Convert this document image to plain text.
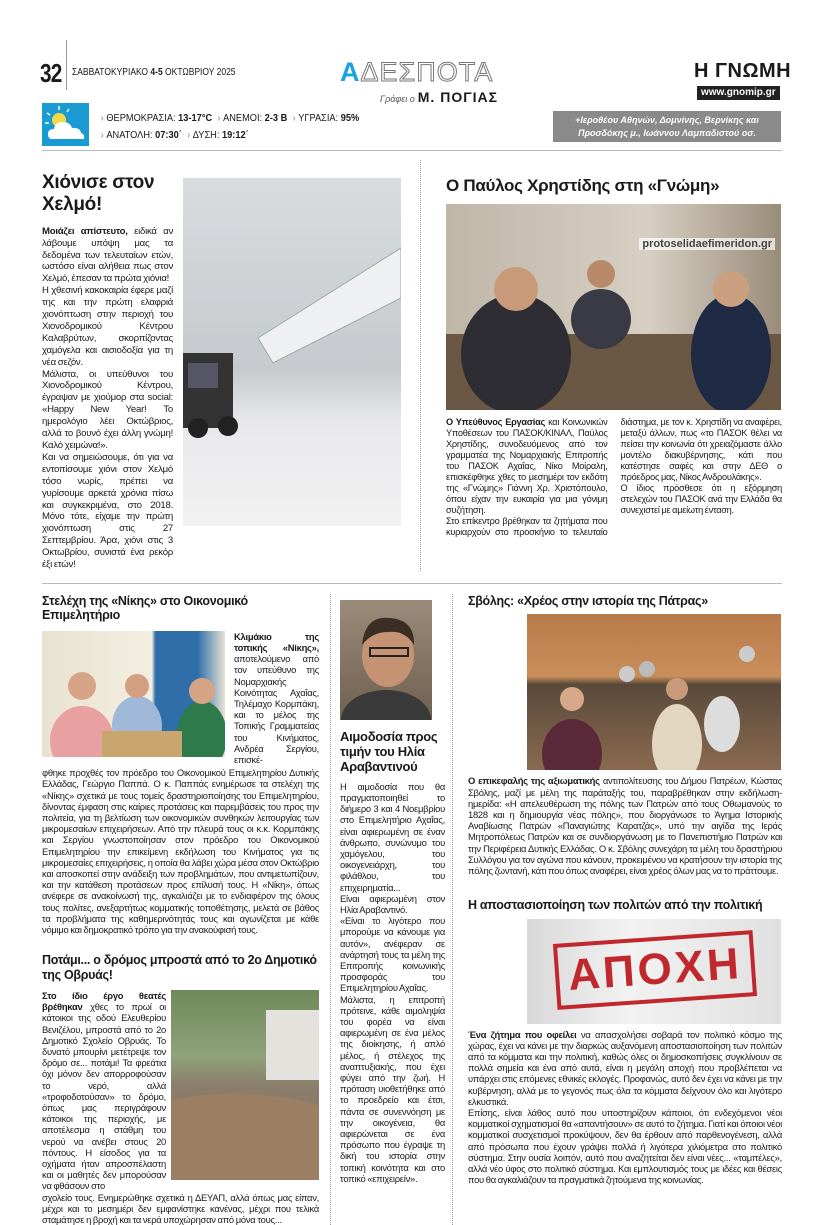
32 ΣΑΒΒΑΤΟΚΥΡΙΑΚΟ 4-5 ΟΚΤΩΒΡΙΟΥ 2025	ΑΔΕΣΠΟΤΑ
Γράφει ο Μ. ΠΟΓΙΑΣ
Η ΓΝΩΜΗ
www.gnomip.gr
› ΘΕΡΜΟΚΡΑΣΙΑ: 13-17°C › ΑΝΕΜΟΙ: 2-3 B › ΥΓΡΑΣΙΑ: 95%
› ΑΝΑΤΟΛΗ: 07:30΄ › ΔΥΣΗ: 19:12΄
+Ιεροθέου Αθηνών, Δομνίνης, Βερνίκης και Προσδόκης μ., Ιωάννου Λαμπαδιστού οσ.
Χιόνισε στον Χελμό!

Μοιάζει απίστευτο, ειδικά αν λάβουμε υπόψη μας τα δεδομένα των τελευταίων ετών, ωστόσο είναι αλήθεια πως στον Χελμό, έπεσαν τα πρώτα χιόνια!

Η χθεσινή κακοκαιρία έφερε μαζί της και την πρώτη ελαφριά χιονόπτωση στην περιοχή του Χιονοδρομικού Κέντρου Καλαβρύτων, σκορπίζοντας χαμόγελα και αισιοδοξία για τη νέα σεζόν.

Μάλιστα, οι υπεύθυνοι του Χιονοδρομικού Κέντρου, έγραψαν με χιούμορ στα social: «Happy New Year! Το ημερολόγιο λέει Οκτώβριος, αλλά το βουνό έχει άλλη γνώμη! Καλό χειμώνα!».

Και να σημειώσουμε, ότι για να εντοπίσουμε χιόνι στον Χελμό τόσο νωρίς, πρέπει να γυρίσουμε αρκετά χρόνια πίσω και συγκεκριμένα, στο 2018. Μόνο τότε, είχαμε την πρώτη χιονόπτωση στις 27 Σεπτεμβρίου. Άρα, χιόνι στις 3 Οκτωβρίου, συνιστά ένα ρεκόρ έξι ετών!

Ο Παύλος Χρηστίδης στη «Γνώμη»
protoselidaefimeridon.gr

Ο Υπεύθυνος Εργασίας και Κοινωνικών Υποθέσεων του ΠΑΣΟΚ/ΚΙΝΑΛ, Παύλος Χρηστίδης, συνοδευόμενος από τον γραμματέα της Νομαρχιακής Επιτροπής του ΠΑΣΟΚ Αχαΐας, Νίκο Μοίραλη, επισκέφθηκε χθες το μεσημέρι τον εκδότη της «Γνώμης» Γιάννη Χρ. Χριστόπουλο, όπου είχαν την ευκαιρία για μια γόνιμη συζήτηση.

Στο επίκεντρο βρέθηκαν τα ζητήματα που κυριαρχούν στο προσκήνιο το τελευταίο διάστημα, με τον κ. Χρηστίδη να αναφέρει, μεταξύ άλλων, πως «το ΠΑΣΟΚ θέλει να πείσει την κοινωνία ότι χρειαζόμαστε άλλο μοντέλο διακυβέρνησης, κάτι που κατέστησε σαφές και στην ΔΕΘ ο πρόεδρος μας, Νίκος Ανδρουλάκης».

Ο ίδιος πρόσθεσε ότι η εξόρμηση στελεχών του ΠΑΣΟΚ ανά την Ελλάδα θα συνεχιστεί με αμείωτη ένταση.

Στελέχη της «Νίκης» στο Οικονομικό Επιμελητήριο
Κλιμάκιο της τοπικής «Νίκης», αποτελούμενο από τον υπεύθυνο της Νομαρχιακής Κοινότητας Αχαΐας, Τηλέμαχο Κορμπάκη, και το μέλος της Τοπικής Γραμματείας του Κινήματος, Ανδρέα Σεργίου, επισκέ-
φθηκε προχθές τον πρόεδρο του Οικονομικού Επιμελητηρίου Δυτικής Ελλάδας, Γεώργιο Παππά. Ο κ. Παππάς ενημέρωσε τα στελέχη της «Νίκης» σχετικά με τους τομείς δραστηριοποίησης του Επιμελητηρίου, δίνοντας έμφαση στις καίριες προτάσεις και παρεμβάσεις του προς την πολιτεία, για τη βελτίωση των οικονομικών συνθηκών λειτουργίας των μικρομεσαίων επιχειρήσεων. Από την πλευρά τους οι κ.κ. Κορμπάκης και Σεργίου γνωστοποίησαν στον πρόεδρο του Οικονομικού Επιμελητηρίου την επικείμενη εκδήλωση του Κινήματος για τις μικρομεσαίες επιχειρήσεις, η οποία θα λάβει χώρα μέσα στον Οκτώβριο και αποσκοπεί στην ανάδειξη των προβλημάτων, που αντιμετωπίζουν, και την κατάθεση προτάσεων προς επίλυσή τους. Η «Νίκη», όπως ανέφερε σε ανακοίνωσή της, αγκαλιάζει με το ενδιαφέρον της όλους τους πολίτες, ανεξαρτήτως κομματικής τοποθέτησης, μελετά σε βάθος τα προβλήματα της καθημερινότητάς τους και αγωνίζεται με κάθε νόμιμο και δημοκρατικό τρόπο για την ανακούφισή τους.
Ποτάμι... ο δρόμος μπροστά από το 2ο Δημοτικό της Οβρυάς!
Στο ίδιο έργο θεατές βρέθηκαν χθες το πρωί οι κάτοικοι της οδού Ελευθερίου Βενιζέλου, μπροστά από το 2ο Δημοτικό Σχολείο Οβρυάς. Το δυνατό μπουρίνι μετέτρεψε τον δρόμο σε... ποτάμι! Τα φρεάτια όχι μόνον δεν απορροφούσαν το νερό, αλλά «τροφοδοτούσαν» το δρόμο, όπως μας περιγράφουν κάτοικοι της περιοχής, με αποτέλεσμα η στάθμη του νερού να ανέβει στους 20 πόντους. Η είσοδος για τα οχήματα ήταν απροσπέλαστη και οι μαθητές δεν μπορούσαν να φθάσουν στο
σχολείο τους. Ενημερώθηκε σχετικά η ΔΕΥΑΠ, αλλά όπως μας είπαν, μέχρι και το μεσημέρι δεν εμφανίστηκε κανένας, μέχρι που τελικά σταμάτησε η βροχή και τα νερά υποχώρησαν από μόνα τους...
Αιμοδοσία προς τιμήν του Ηλία Αραβαντινού

Η αιμοδοσία που θα πραγματοποιηθεί το διήμερο 3 και 4 Νοεμβρίου στο Επιμελητήριο Αχαΐας, είναι αφιερωμένη σε έναν άνθρωπο, συνώνυμο του χαμόγελου, του οικογενειάρχη, του φιλάθλου, του επιχειρηματία...

Είναι αφιερωμένη στον Ηλία Αραβαντινό.

«Είναι το λιγότερο που μπορούμε να κάνουμε για αυτόν», ανέφεραν σε ανάρτησή τους τα μέλη της Επιτροπής κοινωνικής προσφοράς του Επιμελητηρίου Αχαΐας.

Μάλιστα, η επιτροπή πρότεινε, κάθε αιμοληψία του φορέα να είναι αφιερωμένη σε ένα μέλος της διοίκησης, ή απλό μέλος, ή στέλεχος της αναπτυξιακής, που έχει φύγει από την ζωή. Η πρόταση υιοθετήθηκε από το προεδρείο και έτσι, πάντα σε συνεννόηση με την οικογένεια, θα αφιερώνεται σε ένα πρόσωπο που έγραψε τη δική του ιστορία στην τοπική κοινότητα και στο τοπικό «επιχειρείν».

Σβόλης: «Χρέος στην ιστορία της Πάτρας»
Ο επικεφαλής της αξιωματικής αντιπολίτευσης του Δήμου Πατρέων, Κώστας Σβόλης, μαζί με μέλη της παράταξής του, παραβρέθηκαν στην εκδήλωση-ημερίδα: «Η απελευθέρωση της πόλης των Πατρών από τους Οθωμανούς το 1828 και η δημιουργία νέας πόλης», που διοργάνωσε το Άγημα Ιστορικής Αναβίωσης Πατρών «Παναγιώτης Καρατζάς», υπό την αιγίδα της Ιεράς Μητροπόλεως Πατρών και σε συνδιοργάνωση με το Πανεπιστήμιο Πατρών και την Περιφέρεια Δυτικής Ελλάδας. Ο κ. Σβόλης συνεχάρη τα μέλη του δραστήριου Συλλόγου για τον αγώνα που κάνουν, προκειμένου να κρατήσουν την ιστορία της πόλης ζωντανή, κάτι που όπως αναφέρει, είναι χρέος όλων μας να το πράττουμε.
Η αποστασιοποίηση των πολιτών από την πολιτική
ΑΠΟΧΗ

Ένα ζήτημα που οφείλει να απασχολήσει σοβαρά τον πολιτικό κόσμο της χώρας, έχει να κάνει με την διαρκώς αυξανόμενη αποστασιοποίηση των πολιτών από τα κόμματα και την πολιτική, καθώς όλες οι δημοσκοπήσεις συγκλίνουν σε πολλά σημεία και ένα από αυτά, είναι η μεγάλη αποχή που προβλέπεται να υπάρχει στις επόμενες εθνικές εκλογές. Προφανώς, αυτό δεν έχει να κάνει με την κυβέρνηση, αλλά με το γεγονός πως όλα τα κόμματα δείχνουν όλο και λιγότερο ελκυστικά.

Επίσης, είναι λάθος αυτό που υποστηρίζουν κάποιοι, ότι ενδεχόμενοι νέοι κομματικοί σχηματισμοί θα «απαντήσουν» σε αυτό το ζήτημα. Γιατί και όποιοι νέοι κομματικοί συσχετισμοί προκύψουν, δεν θα έρθουν από παρθενογένεση, αλλά από πρόσωπα που έχουν γράψει πολλά ή λιγότερα χιλιόμετρα στο πολιτικό σύστημα. Στην ουσία λοιπόν, αυτό που αναζητείται δεν είναι νέες... «ταμπέλες», αλλά νέο ύφος στο πολιτικό σύστημα. Και εμπλουτισμός τους με ιδέες και θέσεις που θα αγκαλιάζουν τα πραγματικά ζητούμενα της κοινωνίας.
